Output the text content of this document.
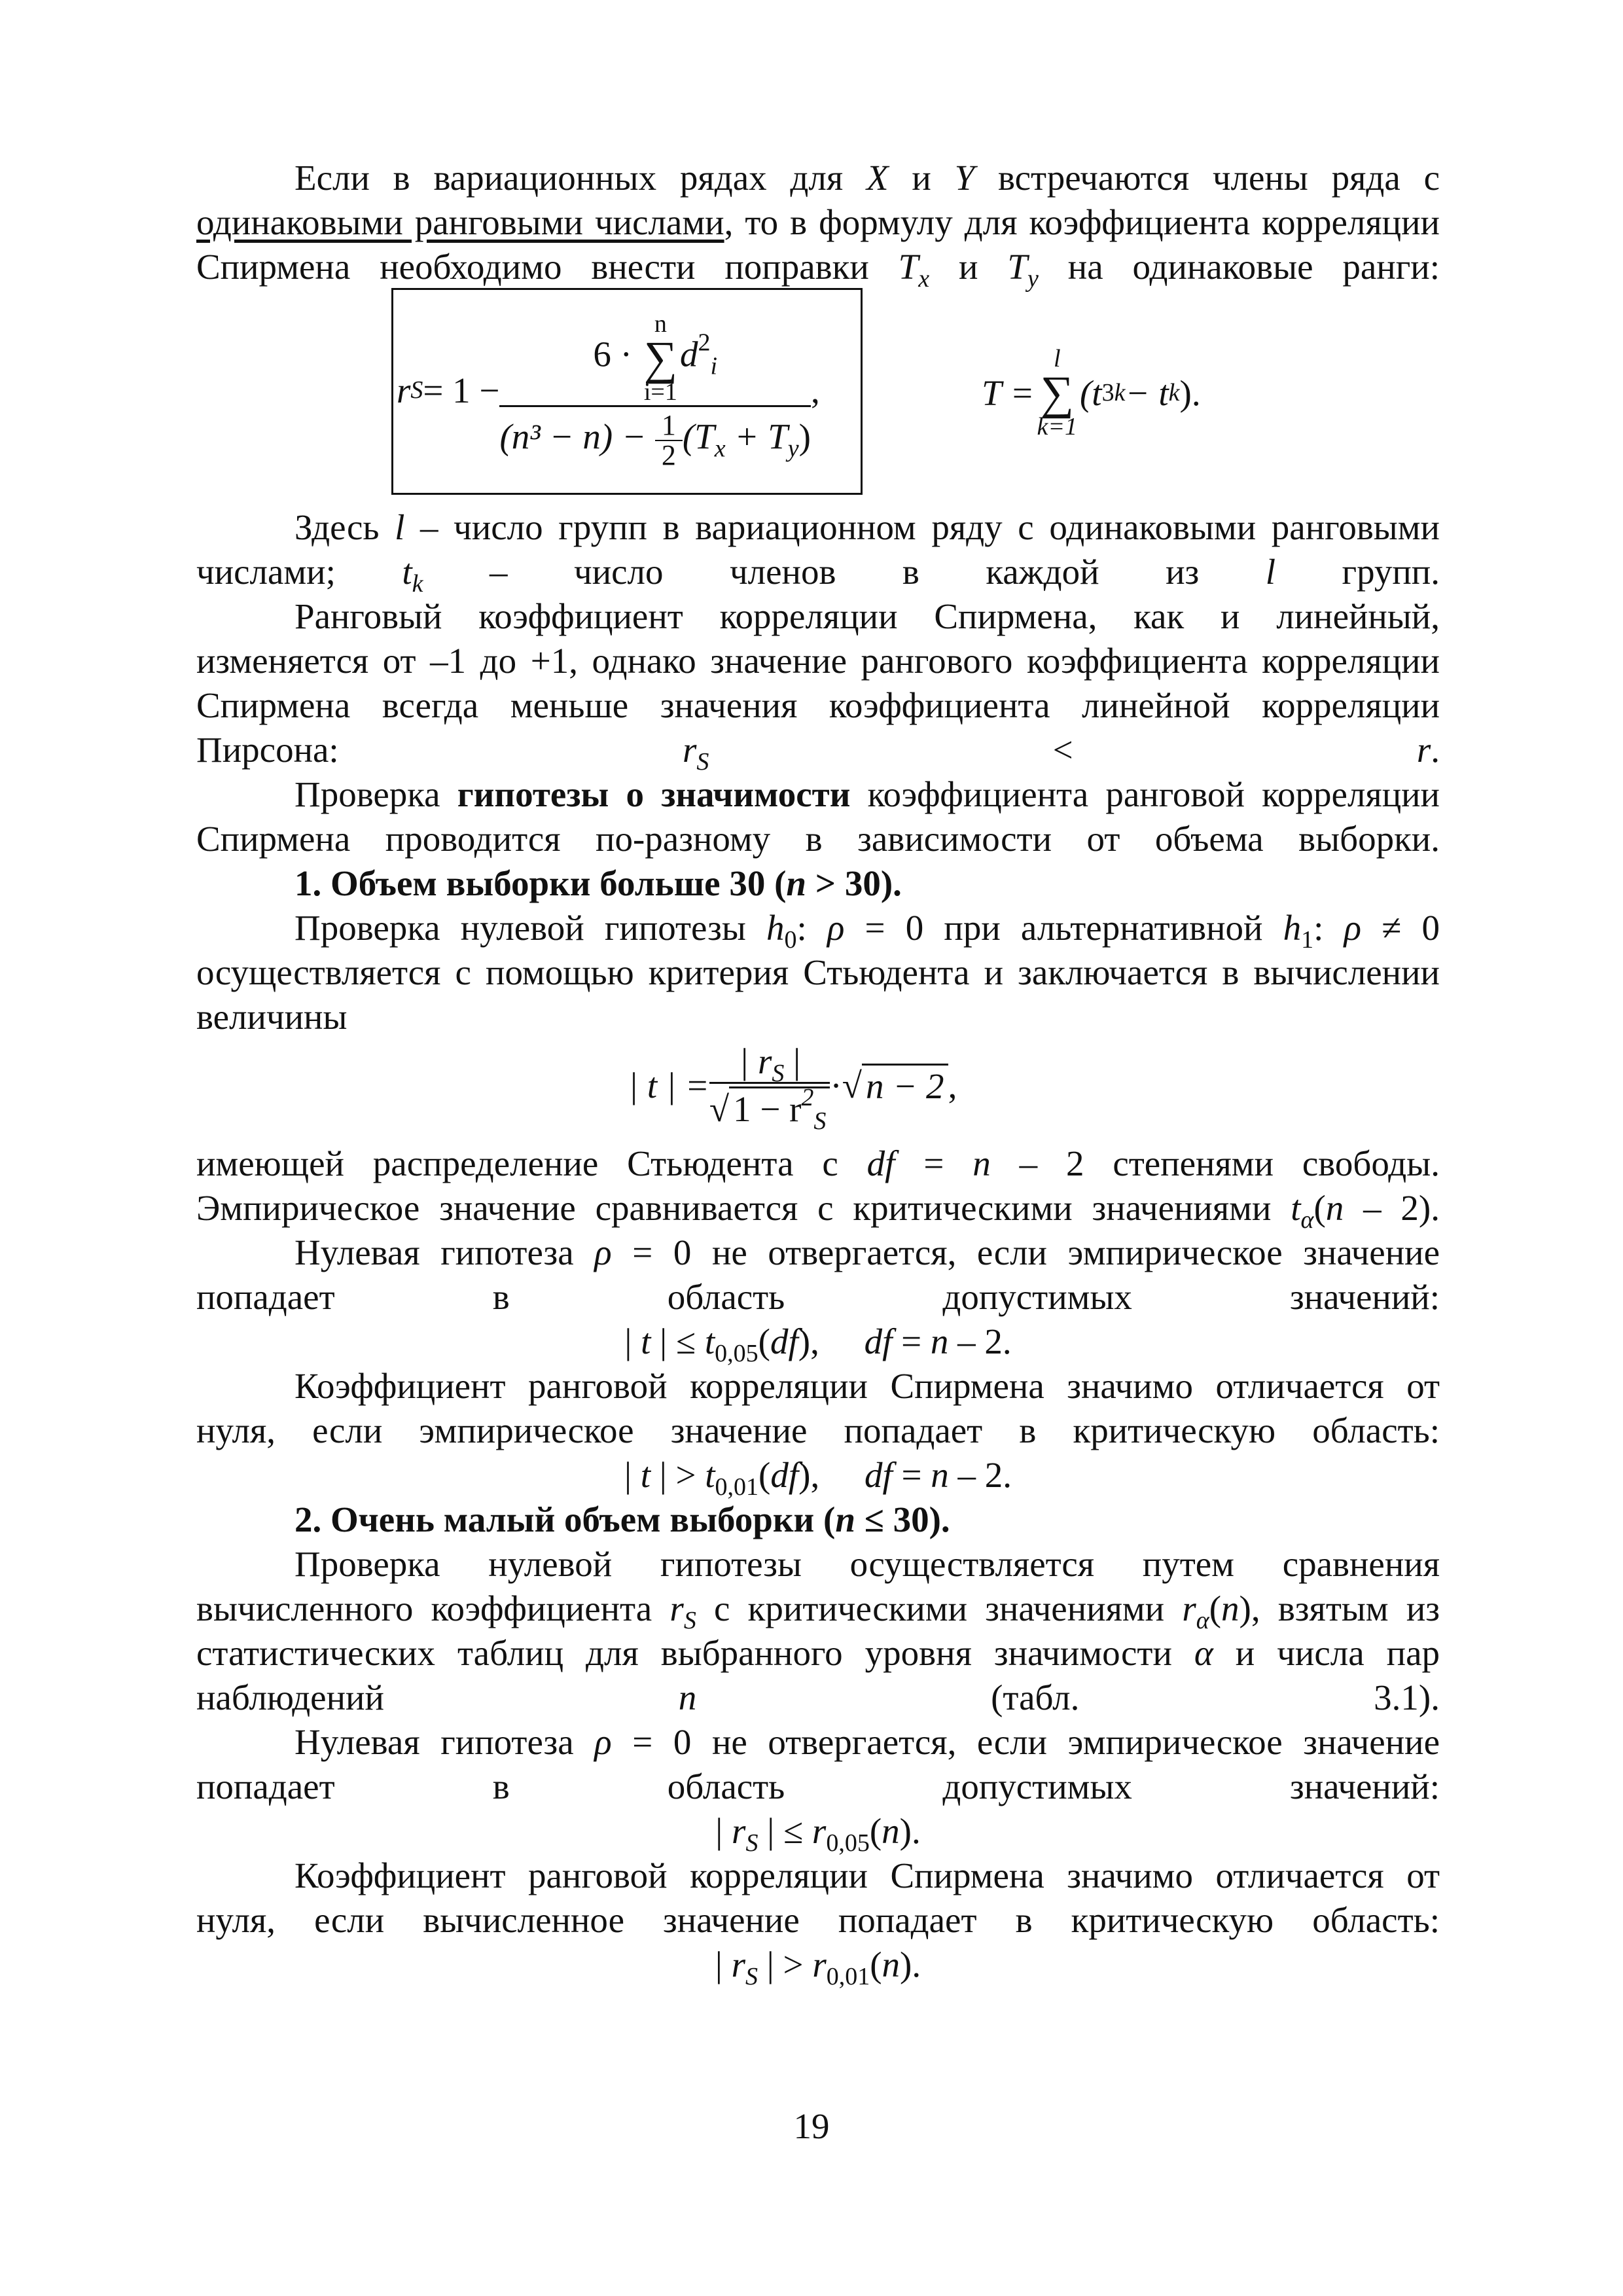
Если в вариационных рядах для X и Y встречаются члены ряда с одинаковыми ранговыми числами, то в формулу для коэффициента корреляции Спирмена необходимо внести поправки $T_x$ и $T_y$ на одинаковые ранги:
r S = 1 − 6 · n
∑
$i=1d^2_i$
$(n^3 - n) - \frac{1}{2} (T_x + T_y)$ ,	T =
l
∑
k=1
(t 3 k − t k ).
Здесь l – число групп в вариационном ряду с одинаковыми ранговыми числами; $t_k$ – число членов в каждой из l групп.
Ранговый коэффициент корреляции Спирмена, как и линейный, изменяется от –1 до +1, однако значение рангового коэффициента корреляции Спирмена всегда меньше значения коэффициента линейной корреляции Пирсона: $r_S < r$.
Проверка гипотезы о значимости коэффициента ранговой корреляции Спирмена проводится по-разному в зависимости от объема выборки.
1. Объем выборки больше 30 (n > 30).
Проверка нулевой гипотезы $h_0$: ρ = 0 при альтернативной $h_1$: ρ ≠ 0 осуществляется с помощью критерия Стьюдента и заключается в вычислении величины
| t | = $\frac{| r_S |}{√ 1 - r^2_S}$ · √ n − 2 ,
имеющей распределение Стьюдента с df = n – 2 степенями свободы. Эмпирическое значение сравнивается с критическими значениями $t_\alpha(n - 2)$.
Нулевая гипотеза ρ = 0 не отвергается, если эмпирическое значение попадает в область допустимых значений:
| t | ≤ $t_{0,05}(df)$,     df = n – 2.
Коэффициент ранговой корреляции Спирмена значимо отличается от нуля, если эмпирическое значение попадает в критическую область:
| t | > $t_{0,01}(df)$,     df = n – 2.
2. Очень малый объем выборки (n ≤ 30).
Проверка нулевой гипотезы осуществляется путем сравнения вычисленного коэффициента $r_S$ с критическими значениями $r_\alpha(n)$, взятым из статистических таблиц для выбранного уровня значимости α и числа пар наблюдений n (табл. 3.1).
Нулевая гипотеза ρ = 0 не отвергается, если эмпирическое значение попадает в область допустимых значений:
| $r_S$ | ≤ $r_{0,05}(n)$.
Коэффициент ранговой корреляции Спирмена значимо отличается от нуля, если вычисленное значение попадает в критическую область:
| $r_S$ | > $r_{0,01}(n)$.
19
